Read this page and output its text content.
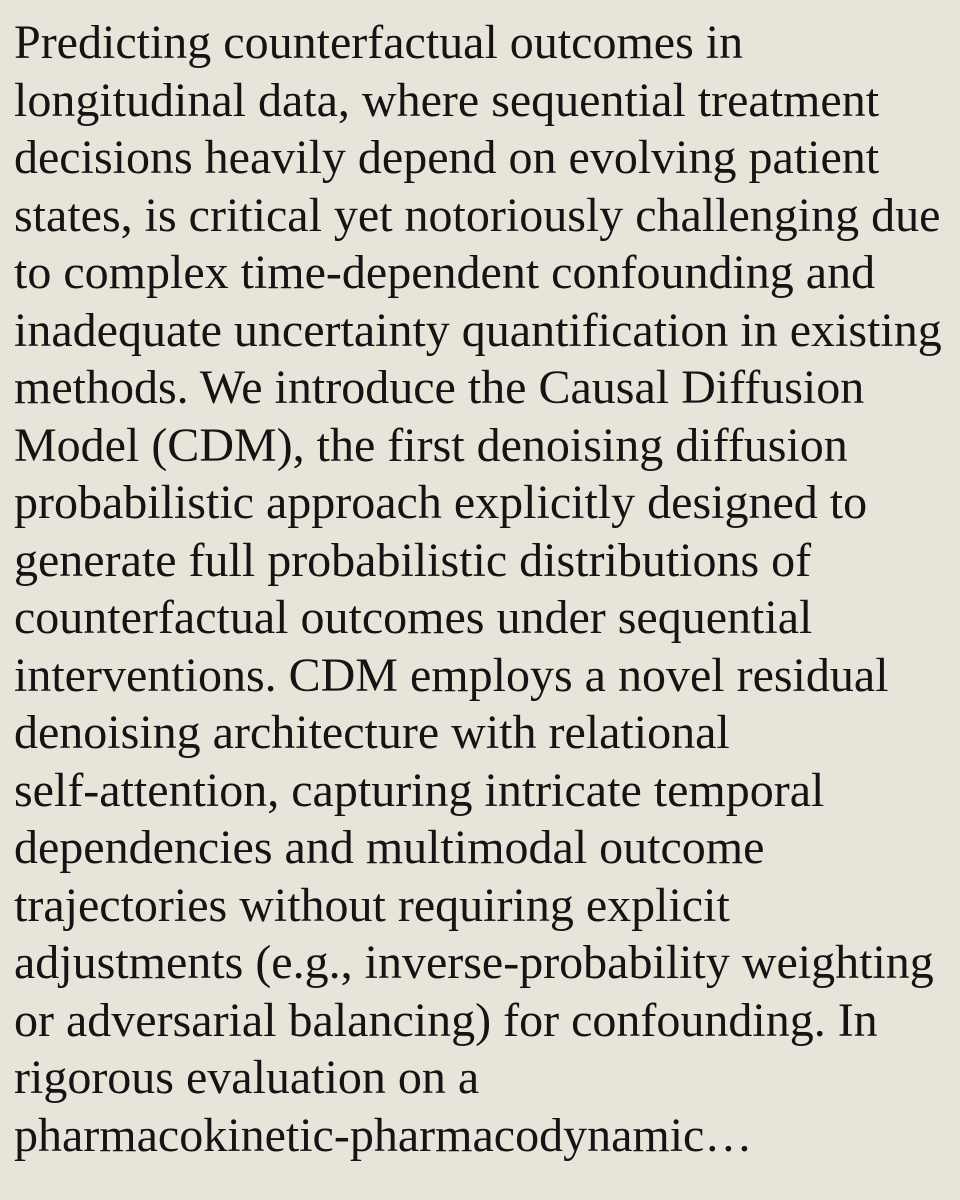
Predicting counterfactual outcomes in
longitudinal data, where sequential treatment
decisions heavily depend on evolving patient
states, is critical yet notoriously challenging due
to complex time-dependent confounding and
inadequate uncertainty quantification in existing
methods. We introduce the Causal Diffusion
Model (CDM), the first denoising diffusion
probabilistic approach explicitly designed to
generate full probabilistic distributions of
counterfactual outcomes under sequential
interventions. CDM employs a novel residual
denoising architecture with relational
self-attention, capturing intricate temporal
dependencies and multimodal outcome
trajectories without requiring explicit
adjustments (e.g., inverse-probability weighting
or adversarial balancing) for confounding. In
rigorous evaluation on a
pharmacokinetic-pharmacodynamic…
